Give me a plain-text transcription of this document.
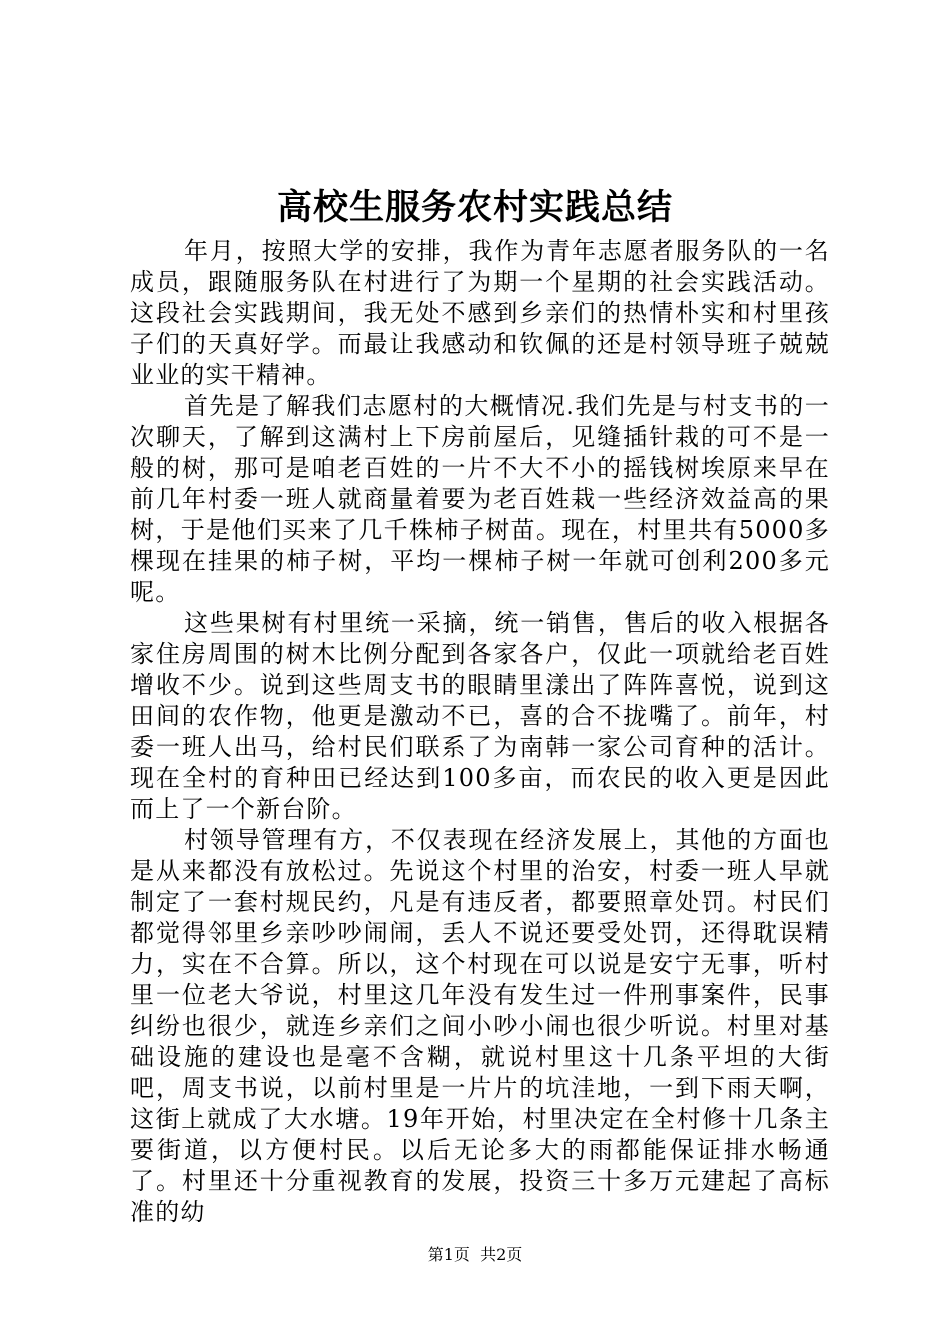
高校生服务农村实践总结

年月，按照大学的安排，我作为青年志愿者服务队的一名成员，跟随服务队在村进行了为期一个星期的社会实践活动。这段社会实践期间，我无处不感到乡亲们的热情朴实和村里孩子们的天真好学。而最让我感动和钦佩的还是村领导班子兢兢业业的实干精神。

首先是了解我们志愿村的大概情况.我们先是与村支书的一次聊天，了解到这满村上下房前屋后，见缝插针栽的可不是一般的树，那可是咱老百姓的一片不大不小的摇钱树埃原来早在前几年村委一班人就商量着要为老百姓栽一些经济效益高的果树，于是他们买来了几千株柿子树苗。现在，村里共有5000多棵现在挂果的柿子树，平均一棵柿子树一年就可创利200多元呢。

这些果树有村里统一采摘，统一销售，售后的收入根据各家住房周围的树木比例分配到各家各户，仅此一项就给老百姓增收不少。说到这些周支书的眼睛里漾出了阵阵喜悦，说到这田间的农作物，他更是激动不已，喜的合不拢嘴了。前年，村委一班人出马，给村民们联系了为南韩一家公司育种的活计。现在全村的育种田已经达到100多亩，而农民的收入更是因此而上了一个新台阶。

村领导管理有方，不仅表现在经济发展上，其他的方面也是从来都没有放松过。先说这个村里的治安，村委一班人早就制定了一套村规民约，凡是有违反者，都要照章处罚。村民们都觉得邻里乡亲吵吵闹闹，丢人不说还要受处罚，还得耽误精力，实在不合算。所以，这个村现在可以说是安宁无事，听村里一位老大爷说，村里这几年没有发生过一件刑事案件，民事纠纷也很少，就连乡亲们之间小吵小闹也很少听说。村里对基础设施的建设也是毫不含糊，就说村里这十几条平坦的大街吧，周支书说，以前村里是一片片的坑洼地，一到下雨天啊，这街上就成了大水塘。19年开始，村里决定在全村修十几条主要街道，以方便村民。以后无论多大的雨都能保证排水畅通了。村里还十分重视教育的发展，投资三十多万元建起了高标准的幼

第1页 共2页
